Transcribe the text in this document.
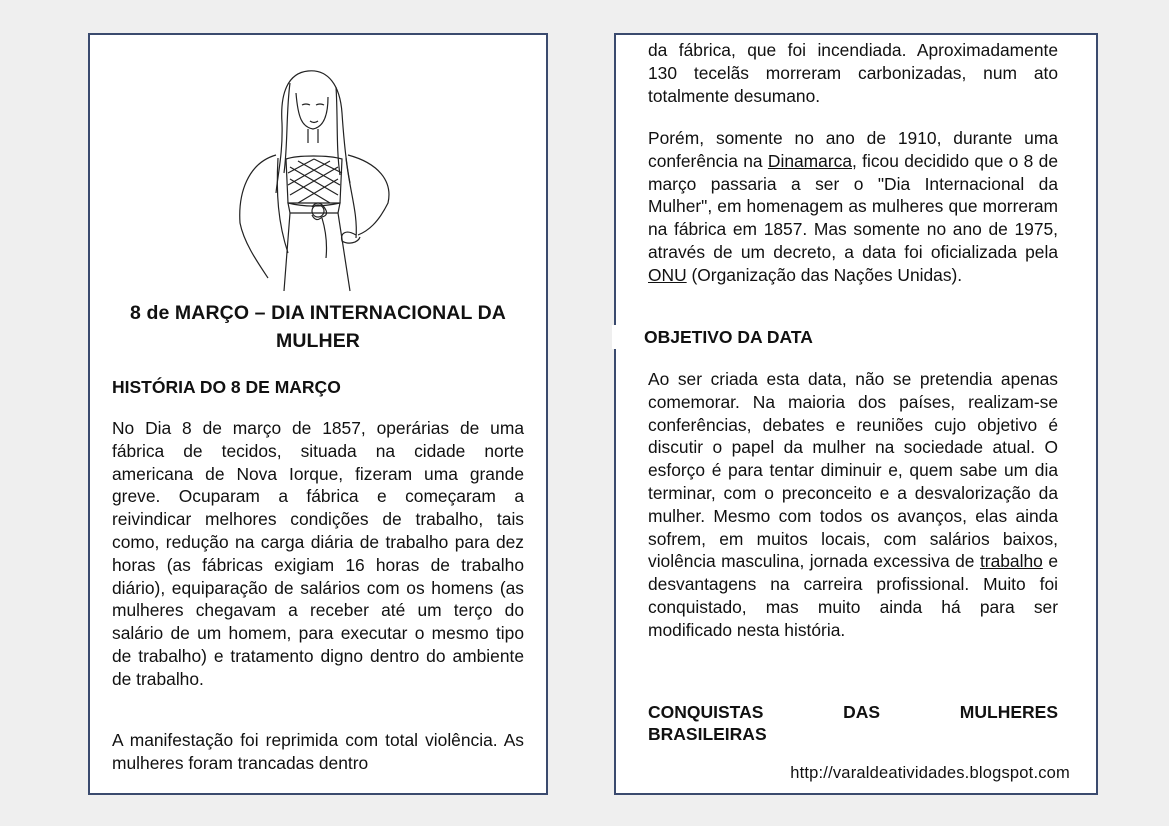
8 de MARÇO – DIA INTERNACIONAL DA MULHER
HISTÓRIA DO 8 DE MARÇO
No Dia 8 de março de 1857, operárias de uma fábrica de tecidos, situada na cidade norte americana de Nova Iorque, fizeram uma grande greve. Ocuparam a fábrica e começaram a reivindicar melhores condições de trabalho, tais como, redução na carga diária de trabalho para dez horas (as fábricas exigiam 16 horas de trabalho diário), equiparação de salários com os homens (as mulheres chegavam a receber até um terço do salário de um homem, para executar o mesmo tipo de trabalho) e tratamento digno dentro do ambiente de trabalho.
A manifestação foi reprimida com total violência. As mulheres foram trancadas dentro
da fábrica, que foi incendiada. Aproximadamente 130 tecelãs morreram carbonizadas, num ato totalmente desumano.
Porém, somente no ano de 1910, durante uma conferência na Dinamarca, ficou decidido que o 8 de março passaria a ser o "Dia Internacional da Mulher", em homenagem as mulheres que morreram na fábrica em 1857. Mas somente no ano de 1975, através de um decreto, a data foi oficializada pela ONU (Organização das Nações Unidas).
OBJETIVO DA DATA
Ao ser criada esta data, não se pretendia apenas comemorar. Na maioria dos países, realizam-se conferências, debates e reuniões cujo objetivo é discutir o papel da mulher na sociedade atual. O esforço é para tentar diminuir e, quem sabe um dia terminar, com o preconceito e a desvalorização da mulher. Mesmo com todos os avanços, elas ainda sofrem, em muitos locais, com salários baixos, violência masculina, jornada excessiva de trabalho e desvantagens na carreira profissional. Muito foi conquistado, mas muito ainda há para ser modificado nesta história.
CONQUISTAS	DAS	MULHERES
BRASILEIRAS
http://varaldeatividades.blogspot.com
